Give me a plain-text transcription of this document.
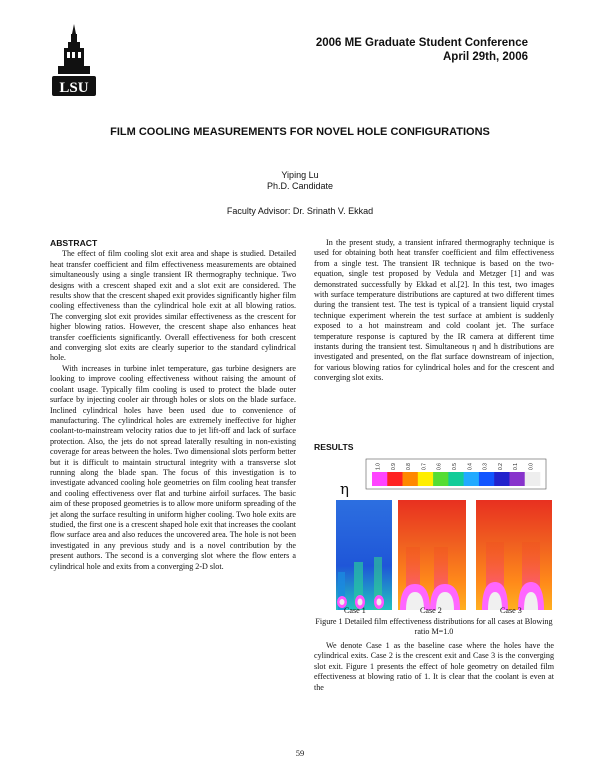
LSU
2006 ME Graduate Student Conference
April 29th, 2006
FILM COOLING MEASUREMENTS FOR NOVEL HOLE CONFIGURATIONS
Yiping Lu
Ph.D. Candidate
Faculty Advisor: Dr. Srinath V. Ekkad
ABSTRACT

The effect of film cooling slot exit area and shape is studied. Detailed heat transfer coefficient and film effectiveness measurements are obtained simultaneously using a single transient IR thermography technique. Two designs with a crescent shaped exit and a slot exit are considered. The results show that the crescent shaped exit provides significantly higher film cooling effectiveness than the cylindrical hole exit at all blowing ratios. The converging slot exit provides similar effectiveness as the crescent for higher blowing ratios. However, the crescent shape also enhances heat transfer coefficients significantly. Overall effectiveness for both crescent and converging slot exits are clearly superior to the standard cylindrical hole.

With increases in turbine inlet temperature, gas turbine designers are looking to improve cooling effectiveness without raising the amount of coolant usage. Typically film cooling is used to protect the blade outer surface by injecting cooler air through holes or slots on the blade surface. Inclined cylindrical holes have been used due to convenience of manufacturing. The cylindrical holes are extremely ineffective for higher coolant-to-mainstream velocity ratios due to jet lift-off and lack of surface protection. Also, the jets do not spread laterally resulting in non-existing coverage for areas between the holes. Two dimensional slots perform better but it is difficult to maintain structural integrity with a transverse slot running along the blade span. The focus of this investigation is to investigate advanced cooling hole geometries on film cooling heat transfer and cooling effectiveness over flat and turbine airfoil surfaces. The basic aim of these proposed geometries is to allow more uniform spreading of the jet along the surface resulting in uniform higher cooling. Two hole exits are studied, the first one is a crescent shaped hole exit that increases the coolant flow surface area and also reduces the uncovered area. The hole is not been investigated in any previous study and is a novel contribution by the present authors. The second is a converging slot where the flow enters a cylindrical hole and exits from a converging 2-D slot.

In the present study, a transient infrared thermography technique is used for obtaining both heat transfer coefficient and film effectiveness from a single test. The transient IR technique is based on the two-equation, single test proposed by Vedula and Metzger [1] and was demonstrated successfully by Ekkad et al.[2]. In this test, two images with surface temperature distributions are captured at two different times during the transient test. The test is typical of a transient liquid crystal technique experiment wherein the test surface at ambient is suddenly exposed to a hot mainstream and cold coolant jet. The surface temperature response is captured by the IR camera at different time instants during the transient test. Simultaneous η and h distributions are investigated and presented, on the flat surface downstream of injection, for various blowing ratios for cylindrical holes and for the crescent and converging slot exits.

RESULTS
η
1.0 0.9 0.8 0.7 0.6 0.5 0.4 0.3 0.2 0.1 0.0
Case 1	Case 2	Case 3
Figure 1 Detailed film effectiveness distributions for all cases at Blowing ratio M=1.0

We denote Case 1 as the baseline case where the holes have the cylindrical exits. Case 2 is the crescent exit and Case 3 is the converging slot exit. Figure 1 presents the effect of hole geometry on detailed film effectiveness at blowing ratio of 1. It is clear that the coolant is even at the

59
